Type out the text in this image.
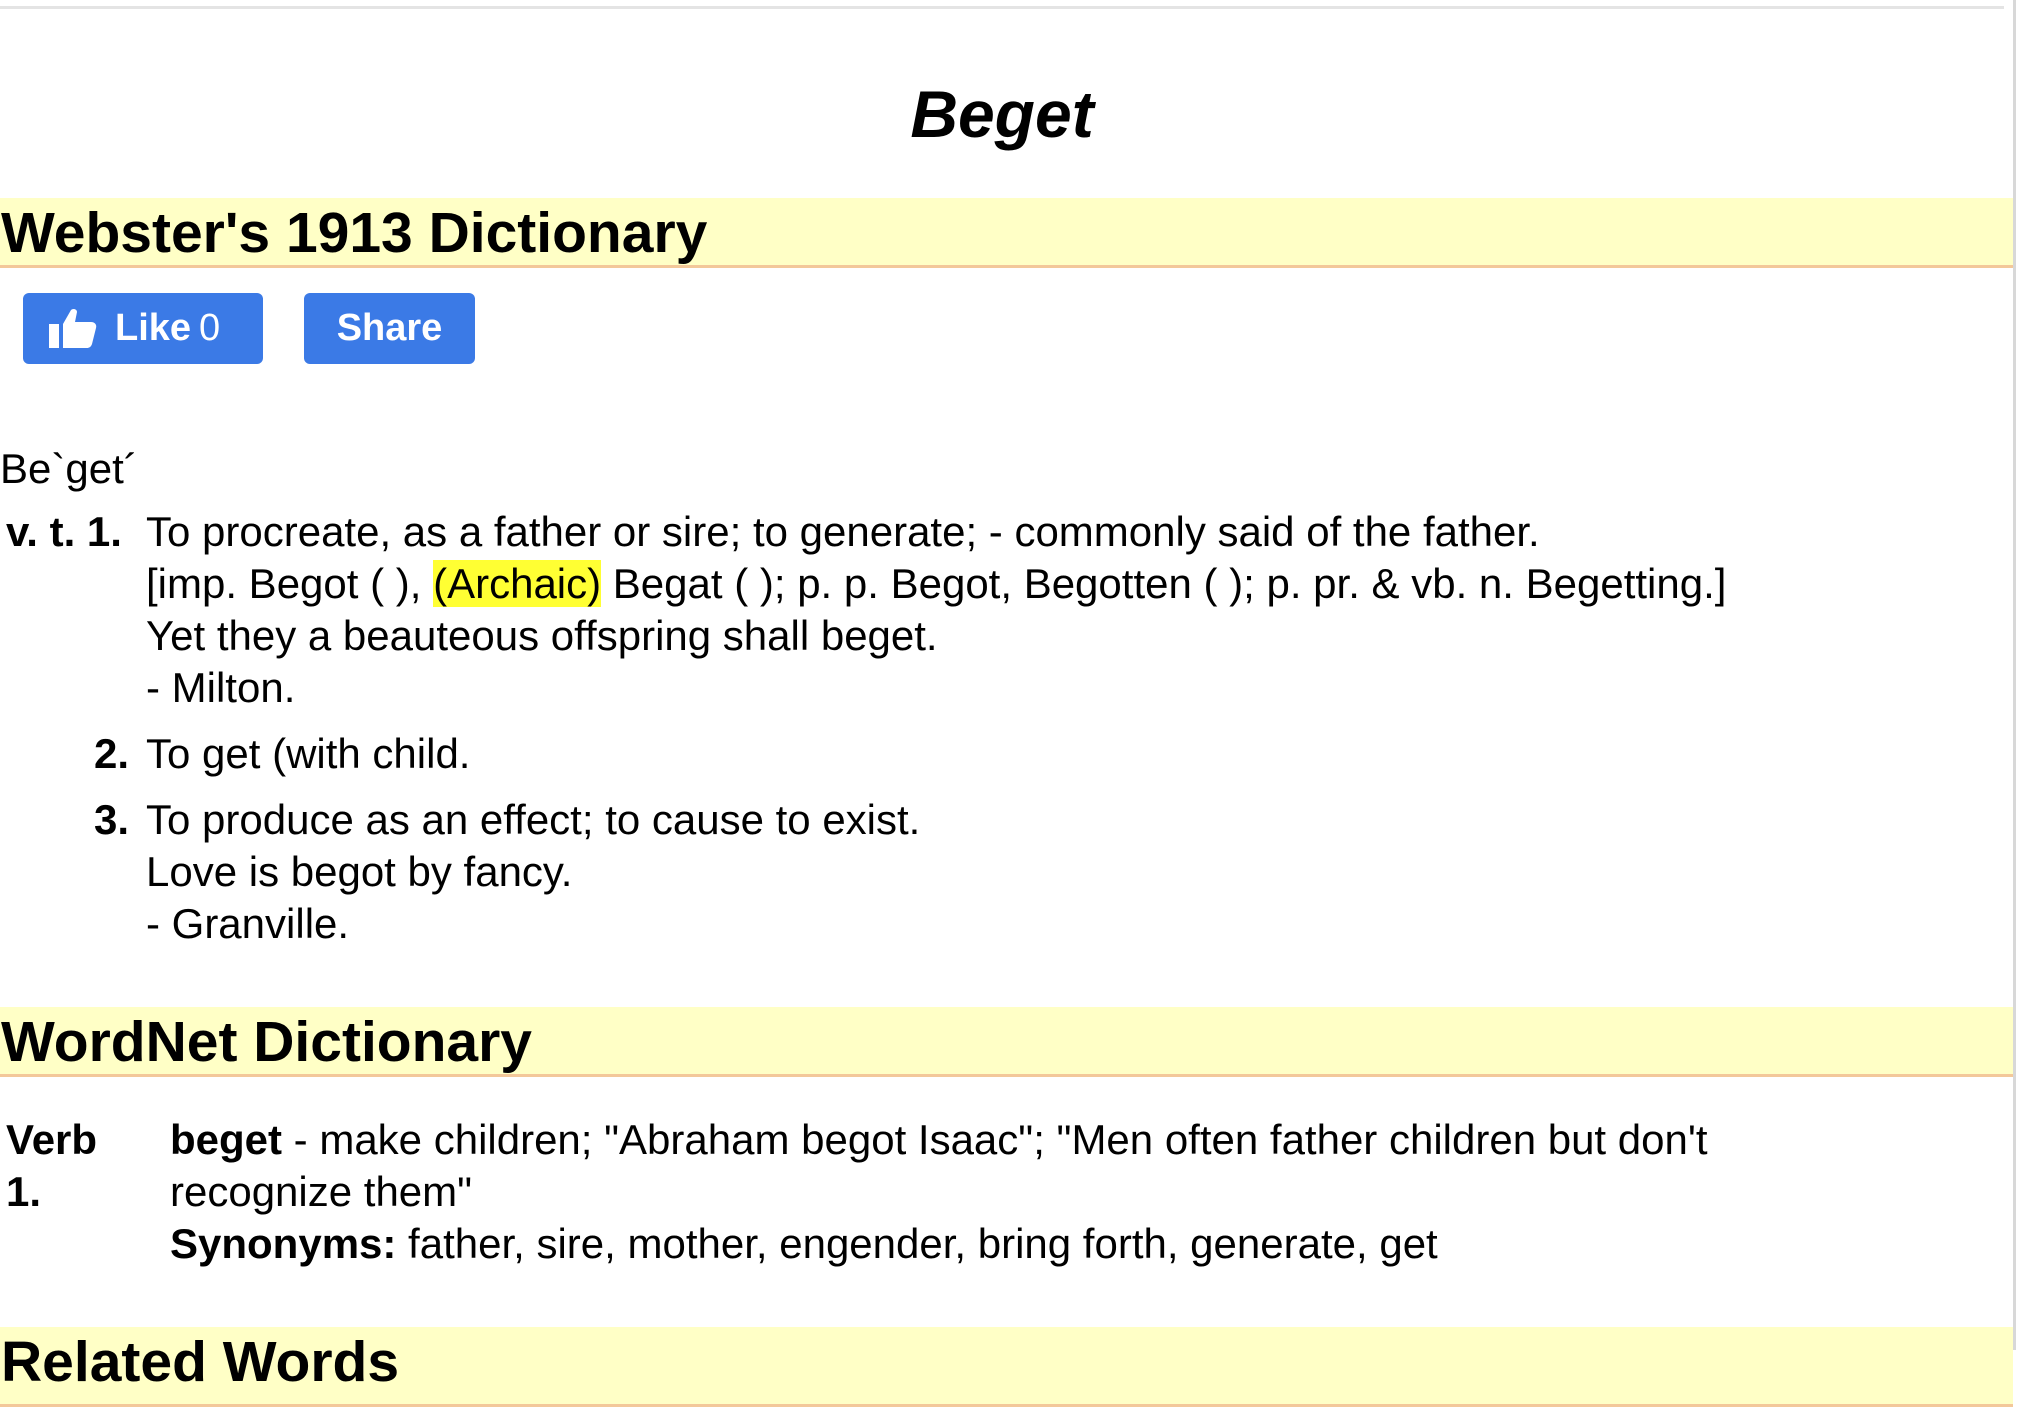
Beget
Webster's 1913 Dictionary
Like 0	Share
Be`get´
v. t. 1. To procreate, as a father or sire; to generate; - commonly said of the father.
[imp. Begot ( ), (Archaic) Begat ( ); p. p. Begot, Begotten ( ); p. pr. & vb. n. Begetting.]
Yet they a beauteous offspring shall beget.
- Milton.
2. To get (with child.
3. To produce as an effect; to cause to exist.
Love is begot by fancy.
- Granville.
WordNet Dictionary
Verb 1.
beget - make children; "Abraham begot Isaac"; "Men often father children but don't
recognize them"
Synonyms: father, sire, mother, engender, bring forth, generate, get
Related Words
